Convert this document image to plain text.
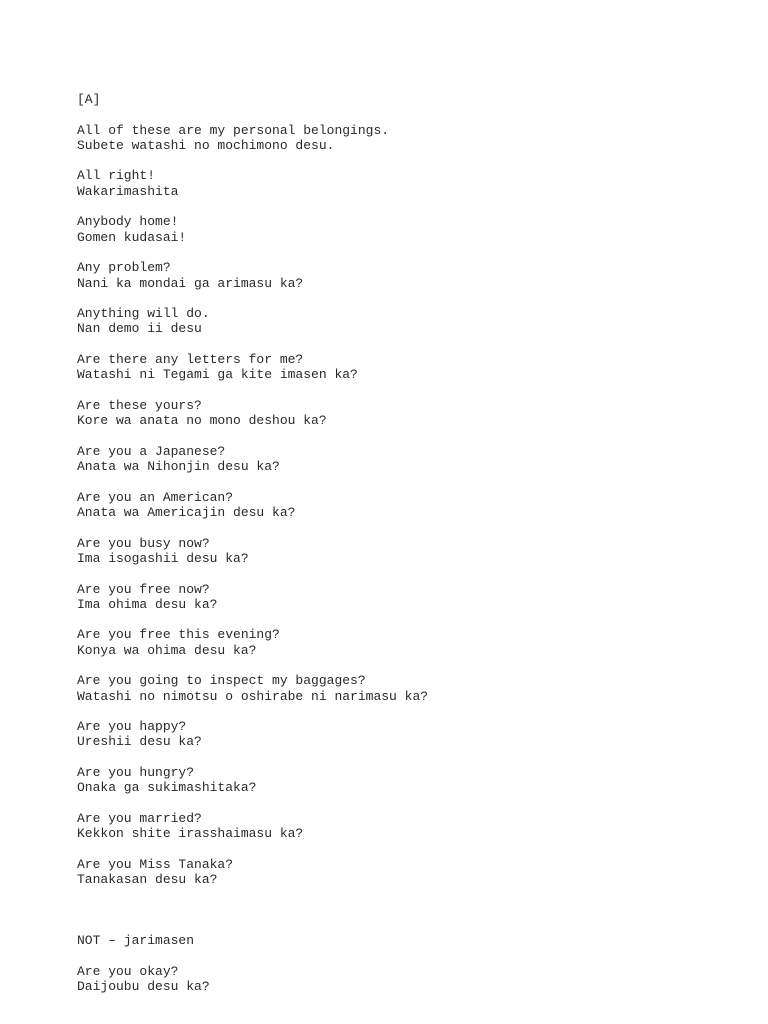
[A]
All of these are my personal belongings.
Subete watashi no mochimono desu.
All right!
Wakarimashita
Anybody home!
Gomen kudasai!
Any problem?
Nani ka mondai ga arimasu ka?
Anything will do.
Nan demo ii desu
Are there any letters for me?
Watashi ni Tegami ga kite imasen ka?
Are these yours?
Kore wa anata no mono deshou ka?
Are you a Japanese?
Anata wa Nihonjin desu ka?
Are you an American?
Anata wa Americajin desu ka?
Are you busy now?
Ima isogashii desu ka?
Are you free now?
Ima ohima desu ka?
Are you free this evening?
Konya wa ohima desu ka?
Are you going to inspect my baggages?
Watashi no nimotsu o oshirabe ni narimasu ka?
Are you happy?
Ureshii desu ka?
Are you hungry?
Onaka ga sukimashitaka?
Are you married?
Kekkon shite irasshaimasu ka?
Are you Miss Tanaka?
Tanakasan desu ka?
NOT – jarimasen
Are you okay?
Daijoubu desu ka?
